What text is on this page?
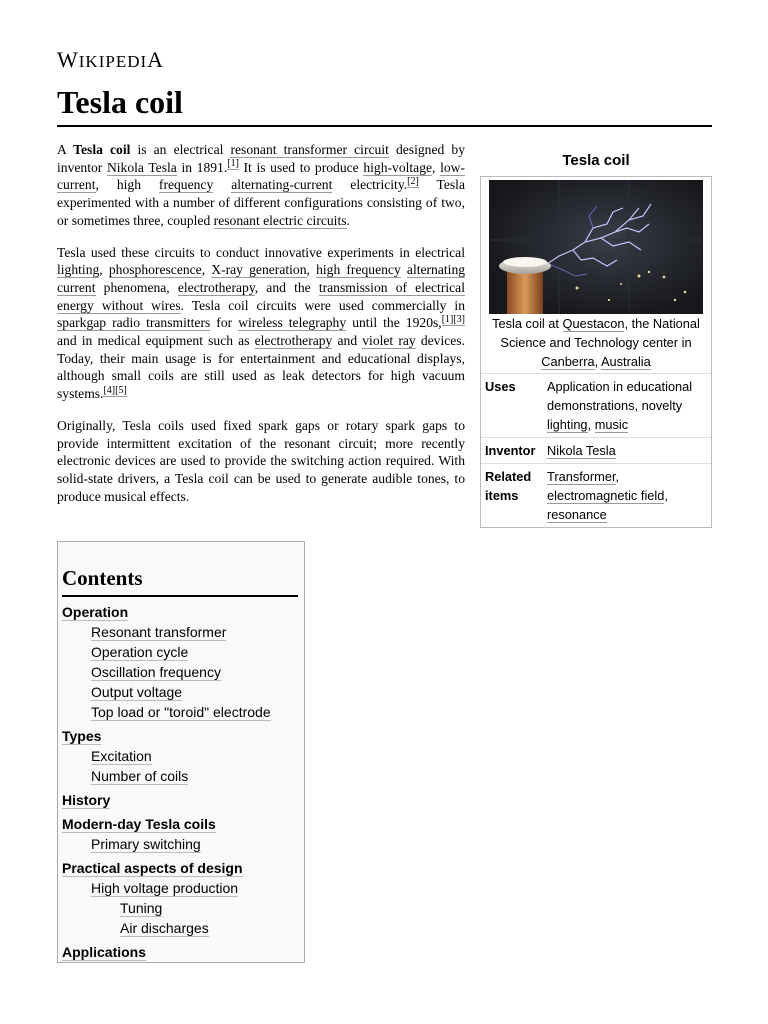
WIKIPEDIA
Tesla coil

A Tesla coil is an electrical resonant transformer circuit designed by inventor Nikola Tesla in 1891.[1] It is used to produce high-voltage, low-current, high frequency alternating-current electricity.[2] Tesla experimented with a number of different configurations consisting of two, or sometimes three, coupled resonant electric circuits.

Tesla used these circuits to conduct innovative experiments in electrical lighting, phosphorescence, X-ray generation, high frequency alternating current phenomena, electrotherapy, and the transmission of electrical energy without wires. Tesla coil circuits were used commercially in sparkgap radio transmitters for wireless telegraphy until the 1920s,[1][3] and in medical equipment such as electrotherapy and violet ray devices. Today, their main usage is for entertainment and educational displays, although small coils are still used as leak detectors for high vacuum systems.[4][5]

Originally, Tesla coils used fixed spark gaps or rotary spark gaps to provide intermittent excitation of the resonant circuit; more recently electronic devices are used to provide the switching action required. With solid-state drivers, a Tesla coil can be used to generate audible tones, to produce musical effects.

Tesla coil
Tesla coil at Questacon, the National Science and Technology center in Canberra, Australia
Uses	Application in educational demonstrations, novelty lighting, music
Inventor Nikola Tesla
Related items
Transformer, electromagnetic field, resonance
Contents
Operation
Resonant transformer
Operation cycle
Oscillation frequency
Output voltage
Top load or "toroid" electrode
Types
Excitation
Number of coils
History
Modern-day Tesla coils
Primary switching
Practical aspects of design
High voltage production
Tuning
Air discharges
Applications
